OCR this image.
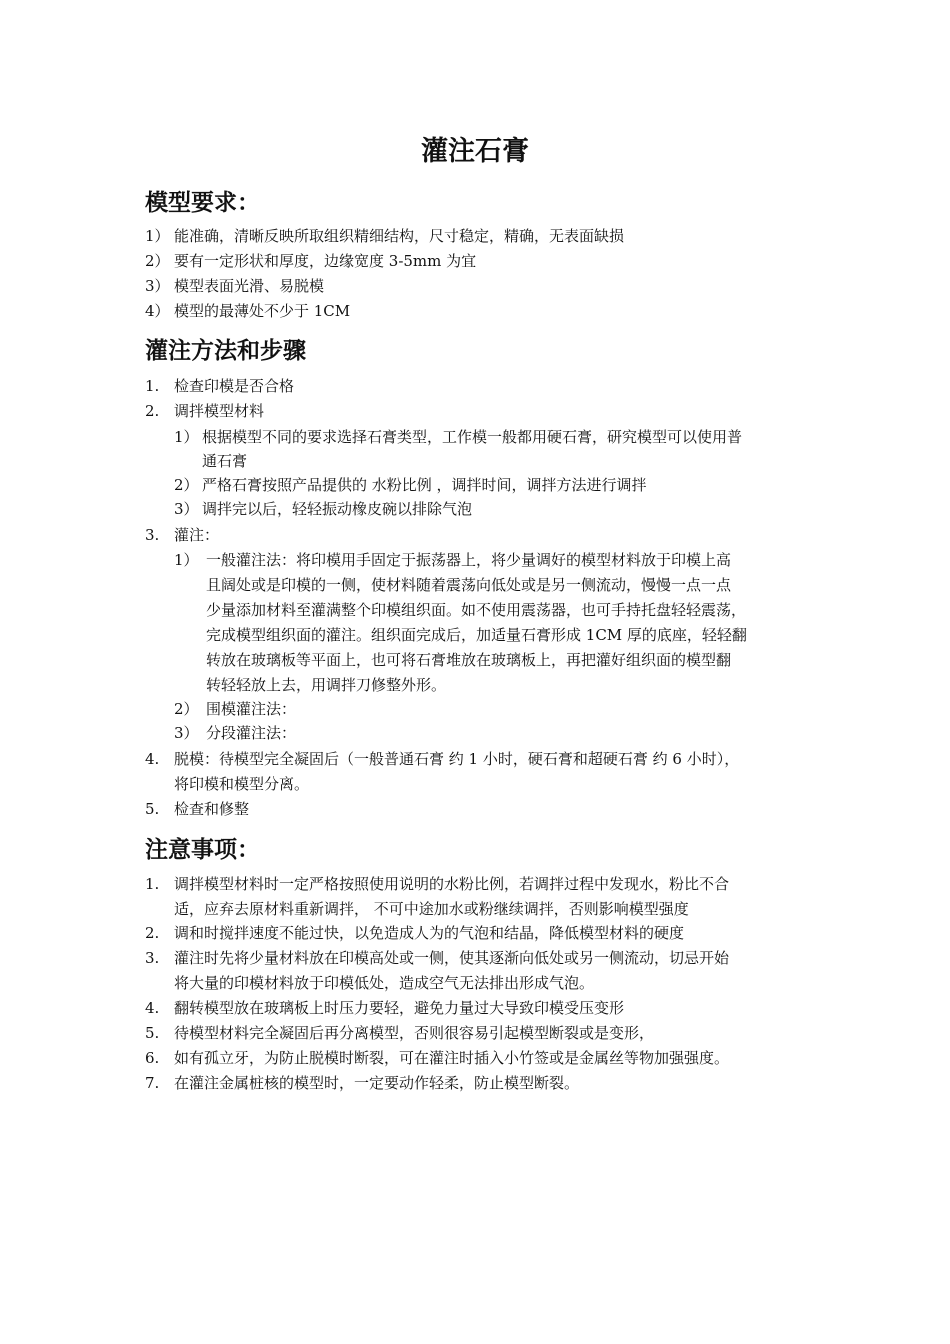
灌注石膏
模型要求：
1） 能准确，清晰反映所取组织精细结构，尺寸稳定，精确，无表面缺损
2） 要有一定形状和厚度，边缘宽度 3-5mm 为宜
3） 模型表面光滑、易脱模
4） 模型的最薄处不少于 1CM
灌注方法和步骤
1. 检查印模是否合格
2. 调拌模型材料
1） 根据模型不同的要求选择石膏类型，工作模一般都用硬石膏，研究模型可以使用普
通石膏
2） 严格石膏按照产品提供的 水粉比例 ，调拌时间，调拌方法进行调拌
3） 调拌完以后，轻轻振动橡皮碗以排除气泡
3. 灌注：
1） 一般灌注法：将印模用手固定于振荡器上，将少量调好的模型材料放于印模上高
且阔处或是印模的一侧，使材料随着震荡向低处或是另一侧流动，慢慢一点一点
少量添加材料至灌满整个印模组织面。如不使用震荡器，也可手持托盘轻轻震荡，
完成模型组织面的灌注。组织面完成后，加适量石膏形成 1CM 厚的底座，轻轻翻
转放在玻璃板等平面上，也可将石膏堆放在玻璃板上，再把灌好组织面的模型翻
转轻轻放上去，用调拌刀修整外形。
2） 围模灌注法：
3） 分段灌注法：
4. 脱模：待模型完全凝固后（一般普通石膏 约 1 小时，硬石膏和超硬石膏 约 6 小时），
将印模和模型分离。
5. 检查和修整
注意事项：
1. 调拌模型材料时一定严格按照使用说明的水粉比例，若调拌过程中发现水，粉比不合
适，应弃去原材料重新调拌， 不可中途加水或粉继续调拌，否则影响模型强度
2. 调和时搅拌速度不能过快，以免造成人为的气泡和结晶，降低模型材料的硬度
3. 灌注时先将少量材料放在印模高处或一侧，使其逐渐向低处或另一侧流动，切忌开始
将大量的印模材料放于印模低处，造成空气无法排出形成气泡。
4. 翻转模型放在玻璃板上时压力要轻，避免力量过大导致印模受压变形
5. 待模型材料完全凝固后再分离模型，否则很容易引起模型断裂或是变形，
6. 如有孤立牙，为防止脱模时断裂，可在灌注时插入小竹签或是金属丝等物加强强度。
7. 在灌注金属桩核的模型时，一定要动作轻柔，防止模型断裂。
